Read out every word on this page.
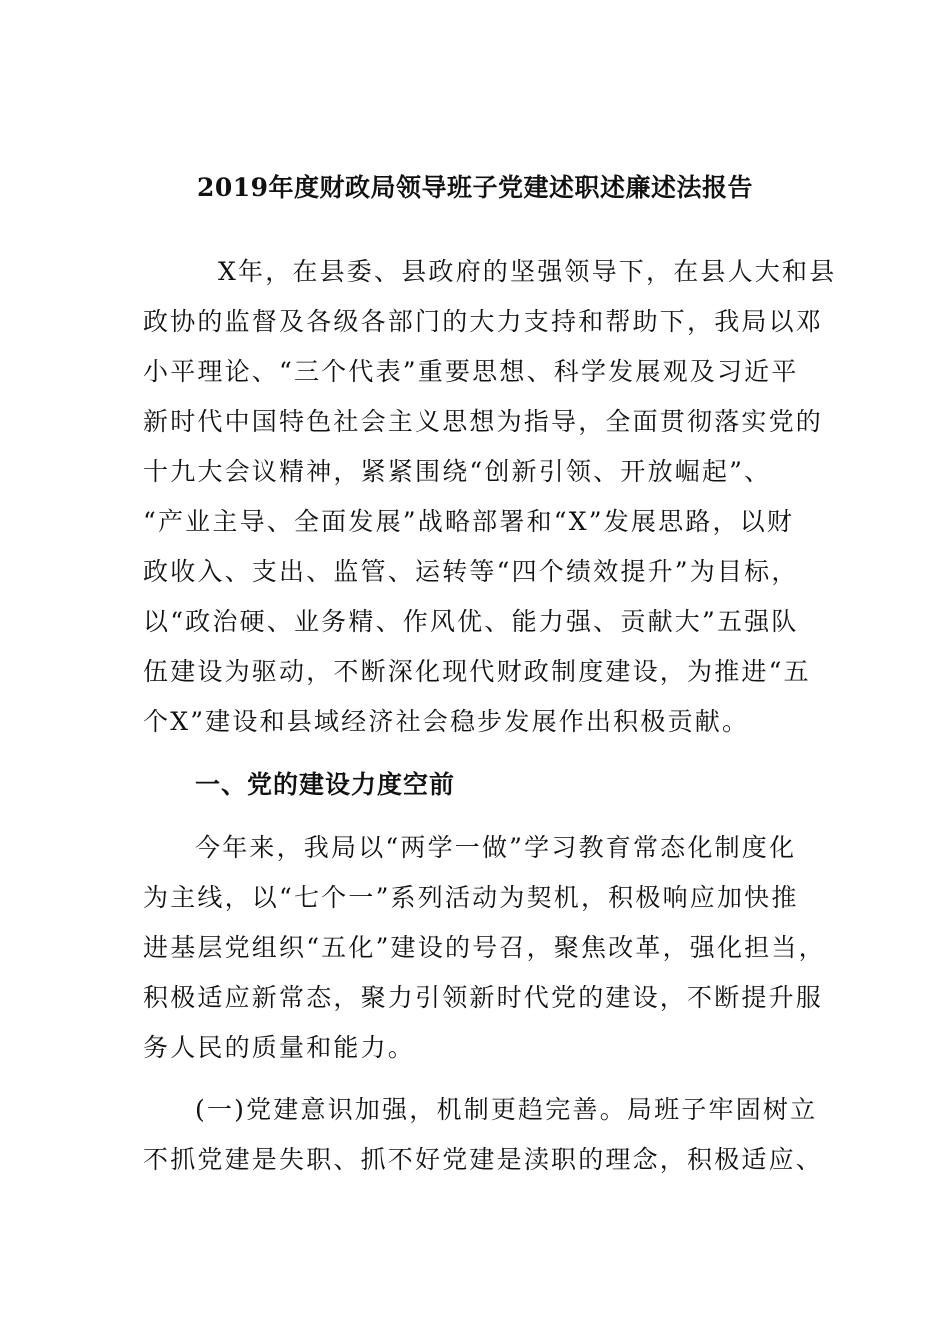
2019年度财政局领导班子党建述职述廉述法报告
X年，在县委、县政府的坚强领导下，在县人大和县
政协的监督及各级各部门的大力支持和帮助下，我局以邓
小平理论、“三个代表”重要思想、科学发展观及习近平
新时代中国特色社会主义思想为指导，全面贯彻落实党的
十九大会议精神，紧紧围绕“创新引领、开放崛起”、
“产业主导、全面发展”战略部署和“X”发展思路，以财
政收入、支出、监管、运转等“四个绩效提升”为目标，
以“政治硬、业务精、作风优、能力强、贡献大”五强队
伍建设为驱动，不断深化现代财政制度建设，为推进“五
个X”建设和县域经济社会稳步发展作出积极贡献。
一、党的建设力度空前
今年来，我局以“两学一做”学习教育常态化制度化
为主线，以“七个一”系列活动为契机，积极响应加快推
进基层党组织“五化”建设的号召，聚焦改革，强化担当，
积极适应新常态，聚力引领新时代党的建设，不断提升服
务人民的质量和能力。
(一)党建意识加强，机制更趋完善。局班子牢固树立
不抓党建是失职、抓不好党建是渎职的理念，积极适应、
